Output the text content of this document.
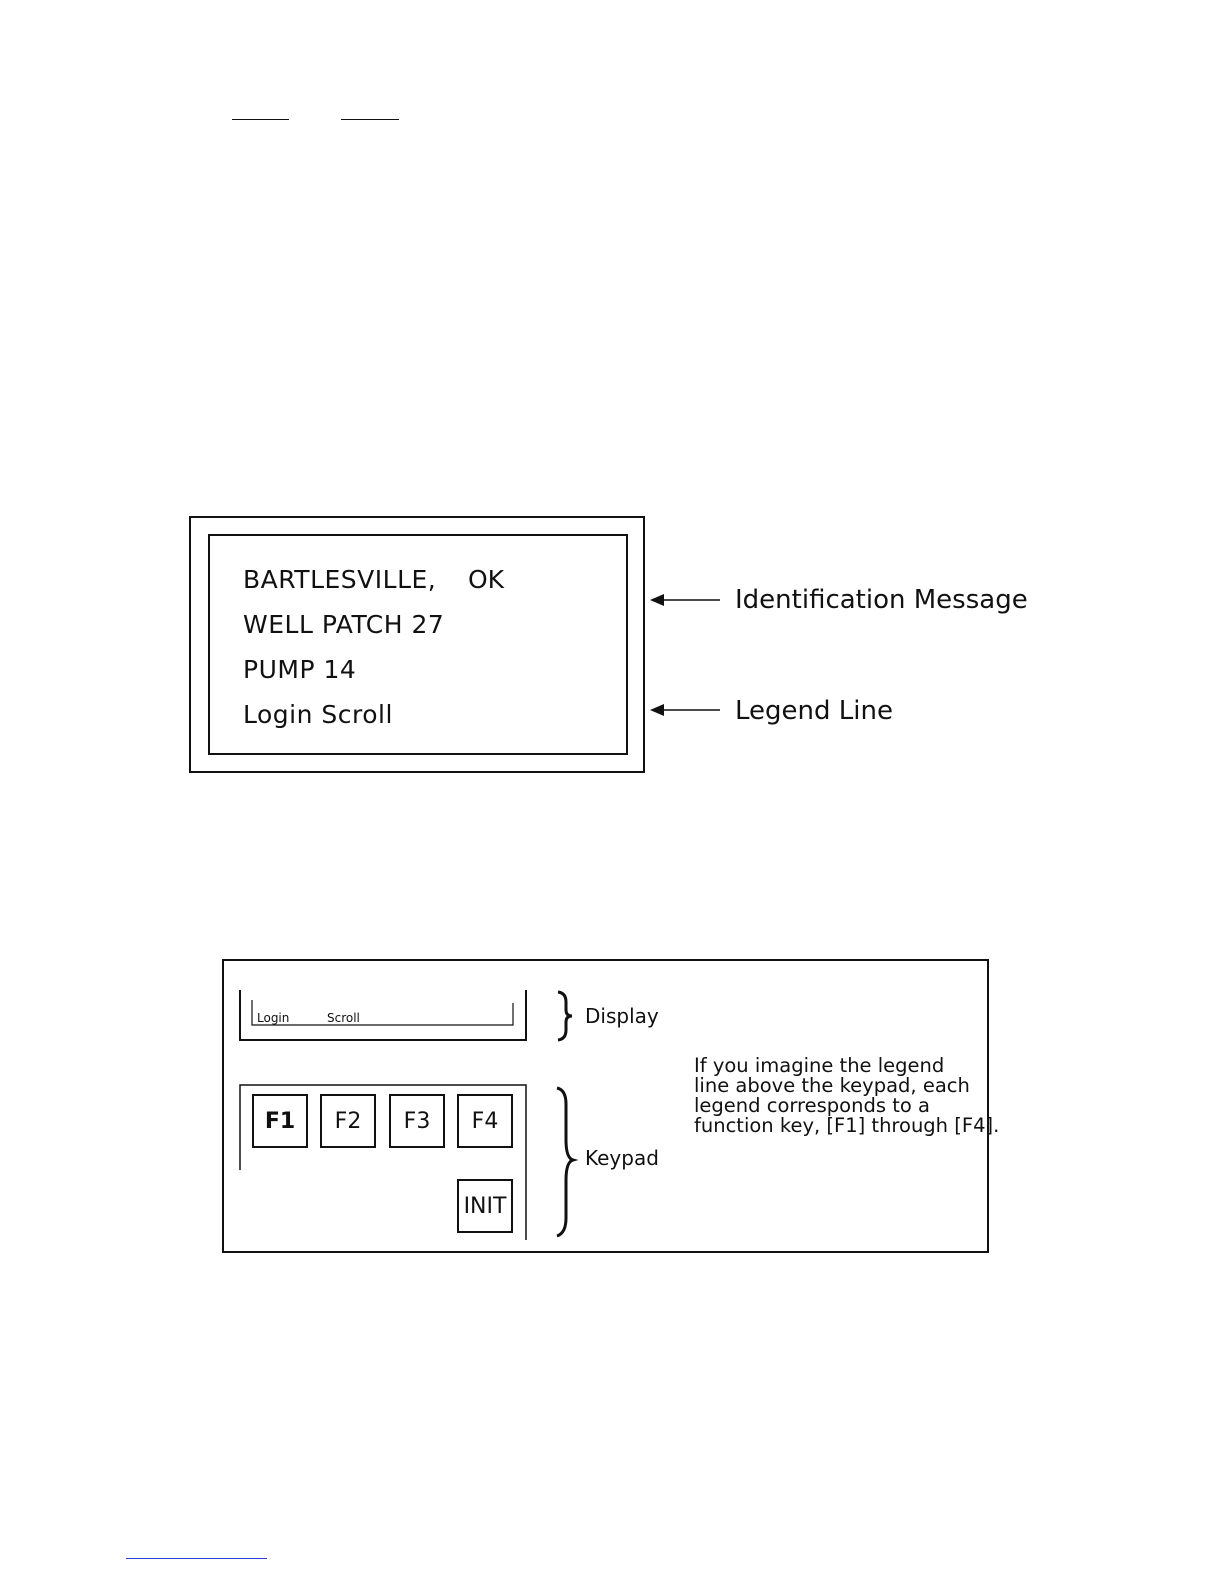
BARTLESVILLE, OK
WELL PATCH 27
PUMP 14
Login Scroll
Identification Message
Legend Line
Login	Scroll	Display
Keypad
F1	F2	F3	F4
INIT
If you imagine the legend
line above the keypad, each
legend corresponds to a
function key, [F1] through [F4].
